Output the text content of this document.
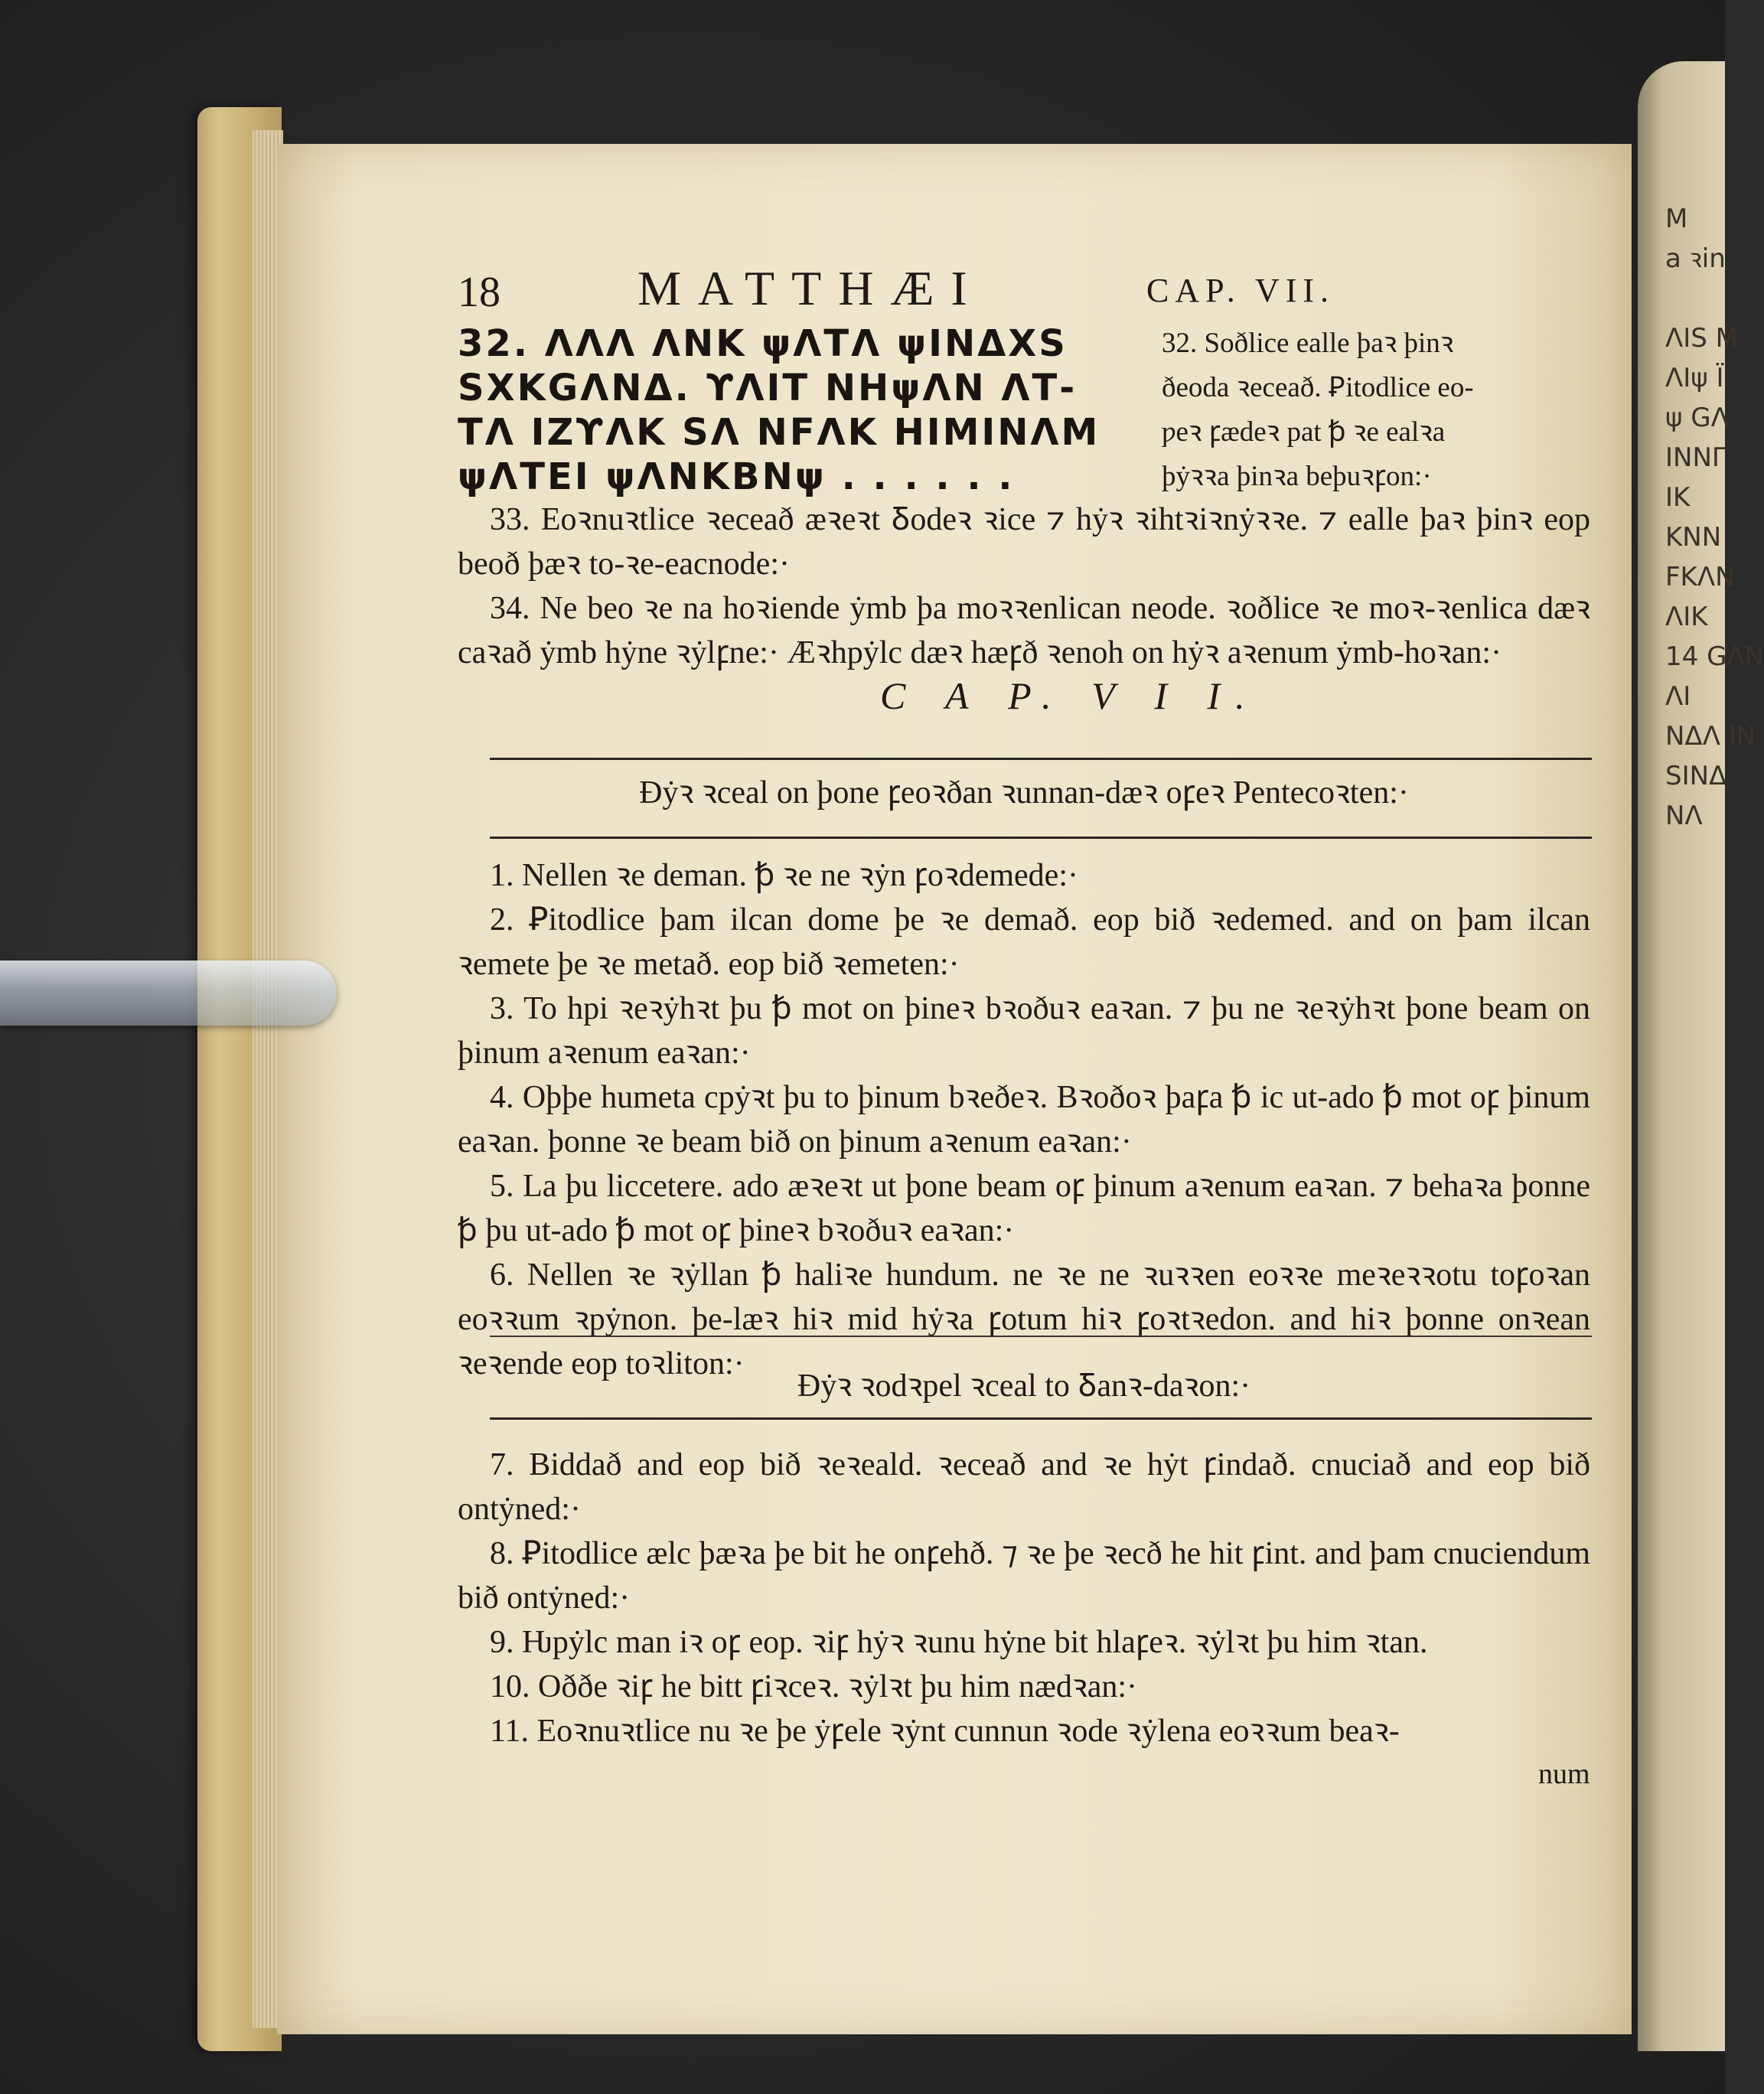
M
a ꝛin
ΛΙS M
ΛΙψ Ϊ
ψ GΛ
ΙΝΝΓ
ΙΚ
ΚΝΝ
FΚΛΝ
ΛΙΚ
14 GΛΝ
ΛΙ
ΝΔΛ ΙΝ
SΙΝΔ
ΝΛ
18	MATTHÆI	CAP. VII.
32. ΛΛΛ ΛΝΚ ψΛΤΛ ψΙΝΔΧS
SΧΚGΛΝΔ. ϒΛΙΤ ΝΗψΛΝ ΛΤ-
ΤΛ ΙΖϒΛΚ SΛ ΝFΛΚ ΗΙΜΙΝΛΜ
ψΛΤΕΙ ψΛΝΚΒΝψ . . . . . .
32. Soðlice ealle þaꝛ þinꝛ
ðeoda ꝛeceað. Ꝑitodlice eo-
ƿeꝛ ꝼædeꝛ pat ꝥ ꝛe ealꝛa
þẏꝛꝛa þinꝛa beþuꝛꝼon:·

33. Eoꝛnuꝛtlice ꝛeceað æꝛeꝛt Ᵹodeꝛ ꝛice ⁊ hẏꝛ ꝛihtꝛiꝛnẏꝛꝛe. ⁊ ealle þaꝛ þinꝛ eop beoð þæꝛ to-ꝛe-eacnode:·

34. Ne beo ꝛe na hoꝛiende ẏmb þa moꝛꝛenlican neode. ꝛoðlice ꝛe moꝛ-ꝛenlica dæꝛ caꝛað ẏmb hẏne ꝛẏlꝼne:· Æꝛhpẏlc dæꝛ hæꝼð ꝛenoh on hẏꝛ aꝛenum ẏmb-hoꝛan:·

C A P. V I I.
Ðẏꝛ ꝛceal on þone ꝼeoꝛðan ꝛunnan-dæꝛ oꝼeꝛ Pentecoꝛten:·

1. Nellen ꝛe deman. ꝥ ꝛe ne ꝛẏn ꝼoꝛdemede:·

2. Ꝑitodlice þam ilcan dome þe ꝛe demað. eop bið ꝛedemed. and on þam ilcan ꝛemete þe ꝛe metað. eop bið ꝛemeten:·

3. To hpi ꝛeꝛẏhꝛt þu ꝥ mot on þineꝛ bꝛoðuꝛ eaꝛan. ⁊ þu ne ꝛeꝛẏhꝛt þone beam on þinum aꝛenum eaꝛan:·

4. Oþþe humeta cpẏꝛt þu to þinum bꝛeðeꝛ. Bꝛoðoꝛ þaꝼa ꝥ ic ut-ado ꝥ mot oꝼ þinum eaꝛan. þonne ꝛe beam bið on þinum aꝛenum eaꝛan:·

5. La þu liccetere. ado æꝛeꝛt ut þone beam oꝼ þinum aꝛenum eaꝛan. ⁊ behaꝛa þonne ꝥ þu ut-ado ꝥ mot oꝼ þineꝛ bꝛoðuꝛ eaꝛan:·

6. Nellen ꝛe ꝛẏllan ꝥ haliꝛe hundum. ne ꝛe ne ꝛuꝛꝛen eoꝛꝛe meꝛeꝛꝛotu toꝼoꝛan eoꝛꝛum ꝛpẏnon. þe-læꝛ hiꝛ mid hẏꝛa ꝼotum hiꝛ ꝼoꝛtꝛedon. and hiꝛ þonne onꝛean ꝛeꝛende eop toꝛliton:·

Ðẏꝛ ꝛodꝛpel ꝛceal to Ᵹanꝛ-daꝛon:·

7. Biddað and eop bið ꝛeꝛeald. ꝛeceað and ꝛe hẏt ꝼindað. cnuciað and eop bið ontẏned:·

8. Ꝑitodlice ælc þæꝛa þe bit he onꝼehð. ⁊ ꝛe þe ꝛecð he hit ꝼint. and þam cnuciendum bið ontẏned:·

9. Ƕpẏlc man iꝛ oꝼ eop. ꝛiꝼ hẏꝛ ꝛunu hẏne bit hlaꝼeꝛ. ꝛẏlꝛt þu him ꝛtan.

10. Oððe ꝛiꝼ he bitt ꝼiꝛceꝛ. ꝛẏlꝛt þu him nædꝛan:·

11. Eoꝛnuꝛtlice nu ꝛe þe ẏꝼele ꝛẏnt cunnun ꝛode ꝛẏlena eoꝛꝛum beaꝛ-

num
